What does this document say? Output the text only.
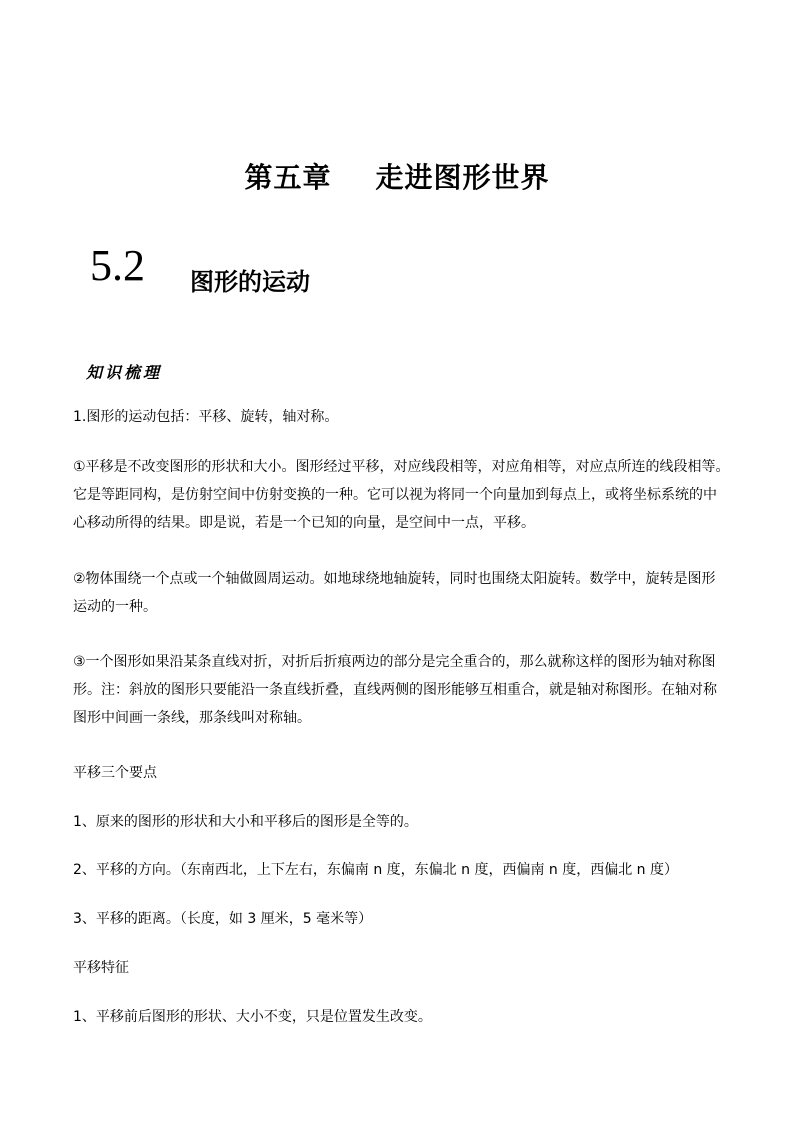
第五章 走进图形世界
5.2 图形的运动
知识梳理
1.图形的运动包括：平移、旋转，轴对称。
①平移是不改变图形的形状和大小。图形经过平移，对应线段相等，对应角相等，对应点所连的线段相等。
它是等距同构，是仿射空间中仿射变换的一种。它可以视为将同一个向量加到每点上，或将坐标系统的中
心移动所得的结果。即是说，若是一个已知的向量，是空间中一点，平移。
②物体围绕一个点或一个轴做圆周运动。如地球绕地轴旋转，同时也围绕太阳旋转。数学中，旋转是图形
运动的一种。
③一个图形如果沿某条直线对折，对折后折痕两边的部分是完全重合的，那么就称这样的图形为轴对称图
形。注：斜放的图形只要能沿一条直线折叠，直线两侧的图形能够互相重合，就是轴对称图形。在轴对称
图形中间画一条线，那条线叫对称轴。
平移三个要点
1、原来的图形的形状和大小和平移后的图形是全等的。
2、平移的方向。（东南西北，上下左右，东偏南 n 度，东偏北 n 度，西偏南 n 度，西偏北 n 度）
3、平移的距离。（长度，如 3 厘米，5 毫米等）
平移特征
1、平移前后图形的形状、大小不变，只是位置发生改变。
